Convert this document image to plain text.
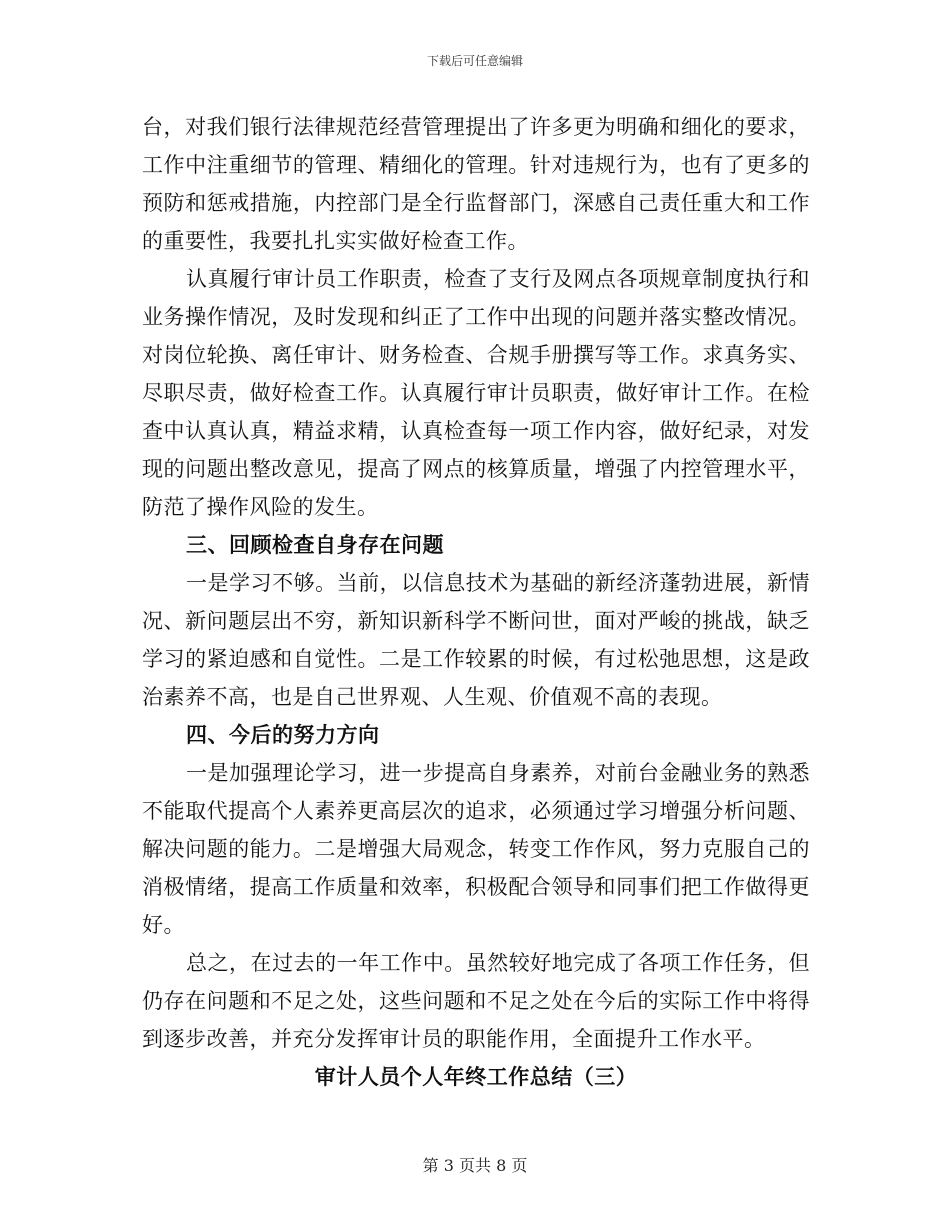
下载后可任意编辑

台，对我们银行法律规范经营管理提出了许多更为明确和细化的要求，工作中注重细节的管理、精细化的管理。针对违规行为，也有了更多的预防和惩戒措施，内控部门是全行监督部门，深感自己责任重大和工作的重要性，我要扎扎实实做好检查工作。

认真履行审计员工作职责，检查了支行及网点各项规章制度执行和业务操作情况，及时发现和纠正了工作中出现的问题并落实整改情况。对岗位轮换、离任审计、财务检查、合规手册撰写等工作。求真务实、尽职尽责，做好检查工作。认真履行审计员职责，做好审计工作。在检查中认真认真，精益求精，认真检查每一项工作内容，做好纪录，对发现的问题出整改意见，提高了网点的核算质量，增强了内控管理水平，防范了操作风险的发生。

三、回顾检查自身存在问题

一是学习不够。当前，以信息技术为基础的新经济蓬勃进展，新情况、新问题层出不穷，新知识新科学不断问世，面对严峻的挑战，缺乏学习的紧迫感和自觉性。二是工作较累的时候，有过松弛思想，这是政治素养不高，也是自己世界观、人生观、价值观不高的表现。

四、今后的努力方向

一是加强理论学习，进一步提高自身素养，对前台金融业务的熟悉不能取代提高个人素养更高层次的追求，必须通过学习增强分析问题、解决问题的能力。二是增强大局观念，转变工作作风，努力克服自己的消极情绪，提高工作质量和效率，积极配合领导和同事们把工作做得更好。

总之，在过去的一年工作中。虽然较好地完成了各项工作任务，但仍存在问题和不足之处，这些问题和不足之处在今后的实际工作中将得到逐步改善，并充分发挥审计员的职能作用，全面提升工作水平。

审计人员个人年终工作总结（三）

第 3 页共 8 页
